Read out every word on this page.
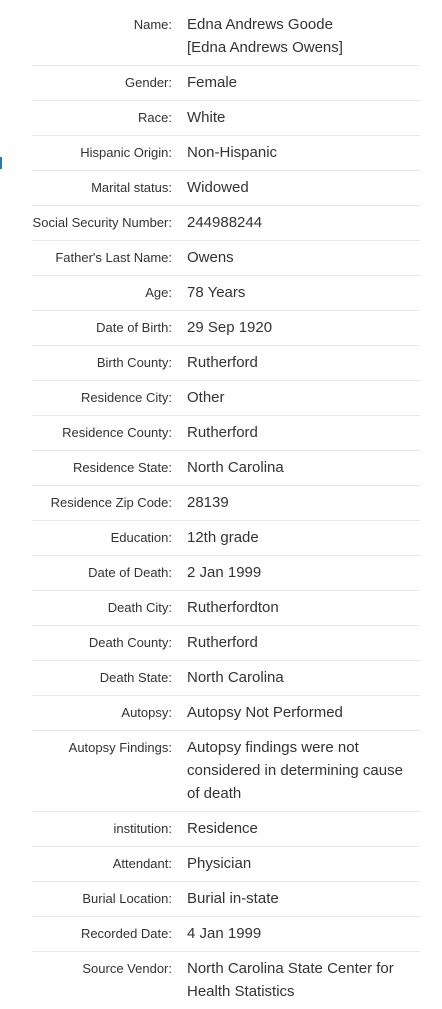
Name: Edna Andrews Goode
[Edna Andrews Owens]
Gender: Female
Race: White
Hispanic Origin: Non-Hispanic
Marital status: Widowed
Social Security Number: 244988244
Father's Last Name: Owens
Age: 78 Years
Date of Birth: 29 Sep 1920
Birth County: Rutherford
Residence City: Other
Residence County: Rutherford
Residence State: North Carolina
Residence Zip Code: 28139
Education: 12th grade
Date of Death: 2 Jan 1999
Death City: Rutherfordton
Death County: Rutherford
Death State: North Carolina
Autopsy: Autopsy Not Performed
Autopsy Findings: Autopsy findings were not
considered in determining cause
of death
institution: Residence
Attendant: Physician
Burial Location: Burial in-state
Recorded Date: 4 Jan 1999
Source Vendor: North Carolina State Center for
Health Statistics
